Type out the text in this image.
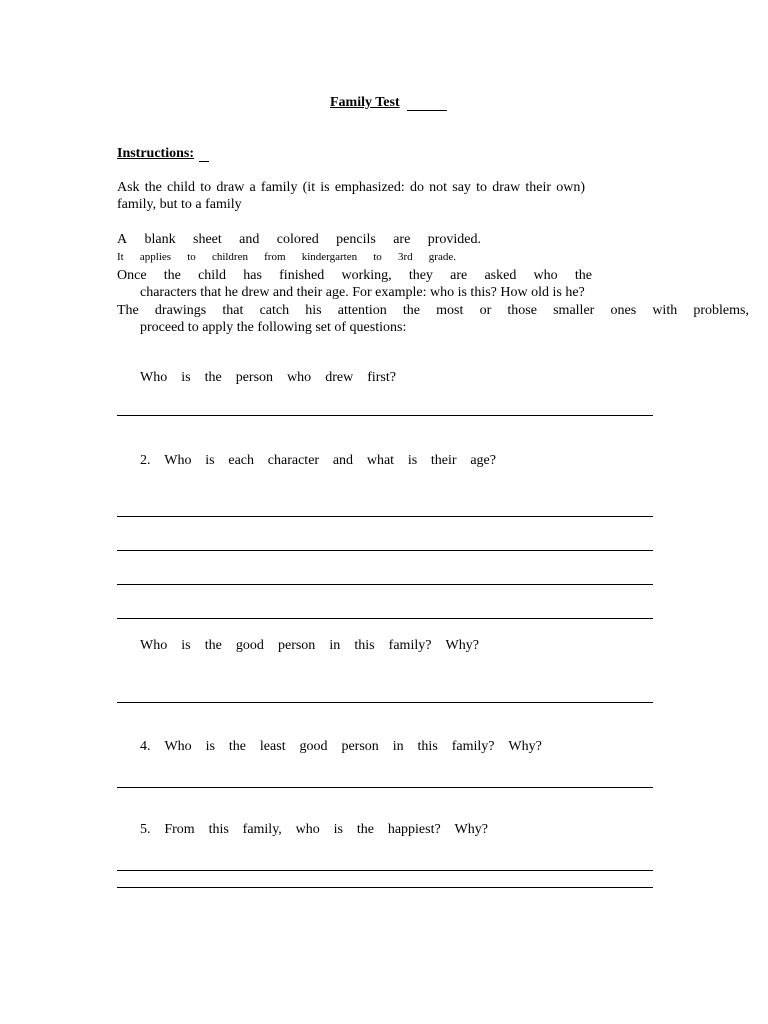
Family Test
Instructions:
Ask the child to draw a family (it is emphasized: do not say to draw their own)
family, but to a family
A blank sheet and colored pencils are provided.
It applies to children from kindergarten to 3rd grade.
Once the child has finished working, they are asked who the
characters that he drew and their age. For example: who is this? How old is he?
The drawings that catch his attention the most or those smaller ones with problems,
proceed to apply the following set of questions:
Who is the person who drew first?
2. Who is each character and what is their age?
Who is the good person in this family? Why?
4. Who is the least good person in this family? Why?
5. From this family, who is the happiest? Why?
